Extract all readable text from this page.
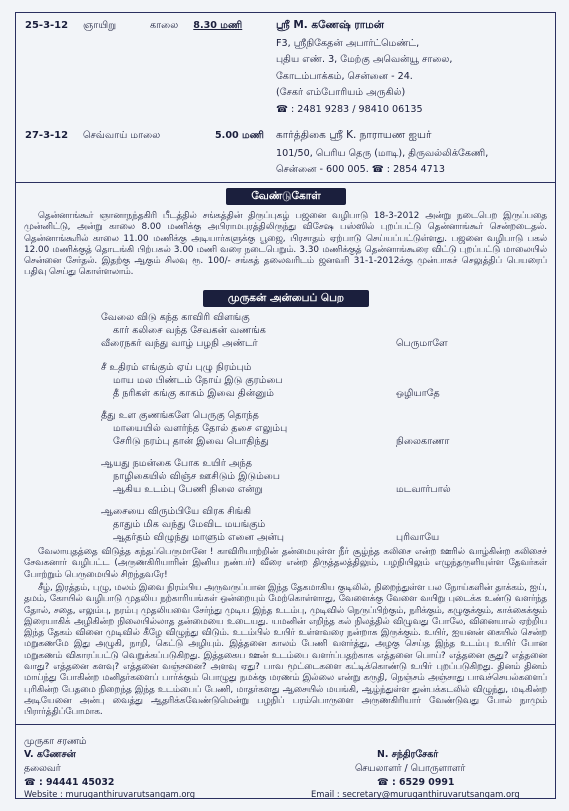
25-3-12 ஞாயிறு	காலை 8.30 மணி	ஸ்ரீ M. கணேஷ் ராமன்
F3, ஸ்ரீநிகேதன் அபார்ட்மெண்ட்,
புதிய எண். 3, மேற்கு அவென்யூ சாலை,
கோடம்பாக்கம், சென்னை - 24.
(சேகர் எம்போரியம் அருகில்)
☎ : 2481 9283 / 98410 06135
27-3-12 செவ்வாய் மாலை	5.00 மணி கார்த்திகை ஸ்ரீ K. நாராயண ஐயர்
101/50, பெரிய தெரு (மாடி), திருவல்லிக்கேணி,
சென்னை - 600 005. ☎ : 2854 4713
வேண்டுகோள்
தென்னாங்கூர் ஞானாநந்தகிரி பீடத்தில் சங்கத்தின் திருப்புகழ் பஜனை வழிபாடு 18-3-2012 அன்று நடைபெற இருப்பதை முன்னிட்டு, அன்று காலை 8.00 மணிக்கு அபிராமபுரத்திலிருந்து விசேஷ பஸ்ஸில் புறப்பட்டு தென்னாங்கூர் சென்றடைதல். தென்னாங்கூரில் காலை 11.00 மணிக்கு அடியார்களுக்கு பூஜை, பிரசாதம் ஏற்பாடு செய்யப்பட்டுள்ளது. பஜனை வழிபாடு பகல் 12.00 மணிக்குத் தொடங்கி பிற்பகல் 3.00 மணி வரை நடைபெறும். 3.30 மணிக்குத் தென்னாங்கூரை விட்டு புறப்பட்டு மாலையில் சென்னை சேர்தல். இதற்கு ஆகும் சிலவு ரூ. 100/- சங்கத் தலைவரிடம் ஜனவரி 31-1-2012க்கு முன்பாகச் செலுத்திப் பெயரைப் பதிவு செய்து கொள்ளலாம்.
முருகன் அன்பைப் பெற
வேலை விடு கந்த காவிரி விளங்கு
கார் கலிசை வந்த சேவகன் வணங்க
வீரைநகர் வந்து வாழ் பழநி அண்டர்	பெருமாளே
சீ உதிரம் எங்கும் ஏய் புழு நிரம்பும்
மாய மல பிண்டம் நோய் இடு குரம்பை
தீ நரிகள் கங்கு காகம் இவை தின்னும்	ஒழியாதே
தீது உள குணங்களே பெருகு தொந்த
மாயையில் வளர்ந்த தோல் தசை எலும்பு
சேரிடு நரம்பு தான் இவை பொதிந்து	நிலைகாணா
ஆயது நமன்கை போக உயிர் அந்த
நாழிகையில் விஞ்ச ஊசிடும் இடும்பை
ஆகிய உடம்பு பேணி நிலை என்று	மடவார்பால்
ஆசையை விரும்பியே விரக சிங்கி
தாதும் மிக வந்து மேவிட மயங்கும்
ஆதர்தம் விழுந்து மாளும் எனை அன்பு	புரிவாயே
வேலாயுதத்தை விடுத்த கந்தப்பெருமானே ! காவிரியாற்றின் தன்மையுள்ள நீர் சூழ்ந்த கலிசை என்ற ஊரில் வாழ்கின்ற கலிசைச் சேவகனார் வழிபட்ட (அருணகிரியாரின் இனிய நண்பர்) வீரை என்ற திருத்தலத்திலும், பழநியிலும் எழுந்தருளியுள்ள தேவர்கள் போற்றும் பெருமையில் சிறந்தவரே!
சீழ், இரத்தம், புழு, மலம் இவை நிரம்பிய அருவருப்பான இந்த தேகமாகிய குடிலில், நிறைந்துள்ள பல நோய்களின் தாக்கம், ஐய், தமம், கோயில் வழிபாடு முதலிய நற்காரியங்கள் ஒன்றையும் மேற்கொள்ளாது, வேளைக்கு வேளை வயிறு புடைக்க உண்டு வளர்ந்த தோல், சதை, எலும்பு, நரம்பு முதலியவை சேர்ந்து முடிய இந்த உடம்பு, முடிவில் நெருப்பிற்கும், நரிக்கும், கழுகுக்கும், காக்கைக்கும் இரையாகிக் அழிகின்ற நிலையில்லாத தன்மையை உடையது. யமனின் எறிந்த கல் நிலத்தில் விழுவது போலே, வினையால் ஏற்றிய இந்த தேகம் வினை முடிவில் கீழே விழுந்து விடும். உடம்பில் உயிர் உள்ளவரை நன்றாக இருக்கும். உயிர், ஐயனன் கையில் சென்ற மறுகணமே இது அழுகி, நாறி, கெட்டு அழியும். இத்தனை காலம் பேணி வளர்த்து, அழகு செய்த இந்த உடம்பு உயிர் போன மறுகணம் விகாரப்பட்டு வெறுக்கப்படுகிறது. இத்தகைய ஊன் உடம்பை வளர்ப்பதற்காக எத்தனை பொய்? எத்தனை சூது? எத்தனை வாது? எத்தனை களவு? எத்தனை வஞ்சனை? அளவு ஏது? பாவ மூட்டைகளை கட்டிக்கொண்டு உயிர் புறப்படுகிறது. தினம் தினம் மாய்ந்து போகின்ற மனிதர்களைப் பார்க்கும் பொழுது நமக்கு மரணம் இல்லை என்று கருதி, நெஞ்சம் அஞ்சாது பாவச்செயல்களைப் புரிகின்ற பேதமை நிறைந்த இந்த உடம்பைப் பேணி, மாதர்களது ஆசையில் மயங்கி, ஆழ்ந்துள்ள துன்பக்கடலில் விழுந்து, மடிகின்ற அடியேனை அன்பு வைத்து ஆதரிக்கவேண்டுமென்று பழநிப் பரம்பொருளை அருணகிரியார் வேண்டுவது போல் நாமும் பிரார்த்திப்போமாக.
முருகா சரணம்
V. கணேசன்
தலைவர்
☎ : 94441 45032
N. சந்திரசேகர்
செயலாளர் / பொருளாளர்
☎ : 6529 0991
Website : muruganthiruvarutsangam.org	Email : secretary@muruganthiruvarutsangam.org
